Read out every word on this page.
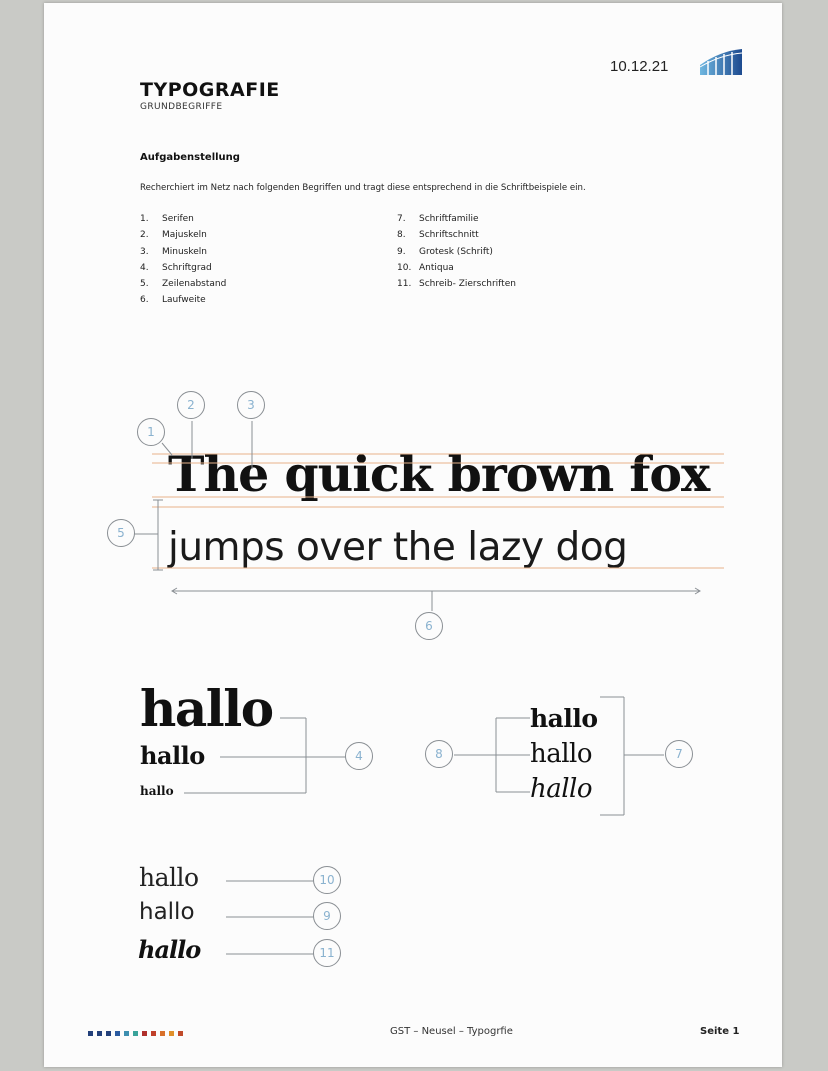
10.12.21
TYPOGRAFIE
GRUNDBEGRIFFE
Aufgabenstellung
Recherchiert im Netz nach folgenden Begriffen und tragt diese entsprechend in die Schriftbeispiele ein.
1. Serifen
2. Majuskeln
3. Minuskeln
4. Schriftgrad
5. Zeilenabstand
6. Laufweite
7. Schriftfamilie
8. Schriftschnitt
9. Grotesk (Schrift)
10. Antiqua
11. Schreib- Zierschriften
The quick brown fox
jumps over the lazy dog
hallo
hallo
hallo
hallo
hallo
hallo
hallo
hallo
hallo
1
2	3
5
6
4	8	7
10
9
11
GST – Neusel – Typogrfie	Seite 1
